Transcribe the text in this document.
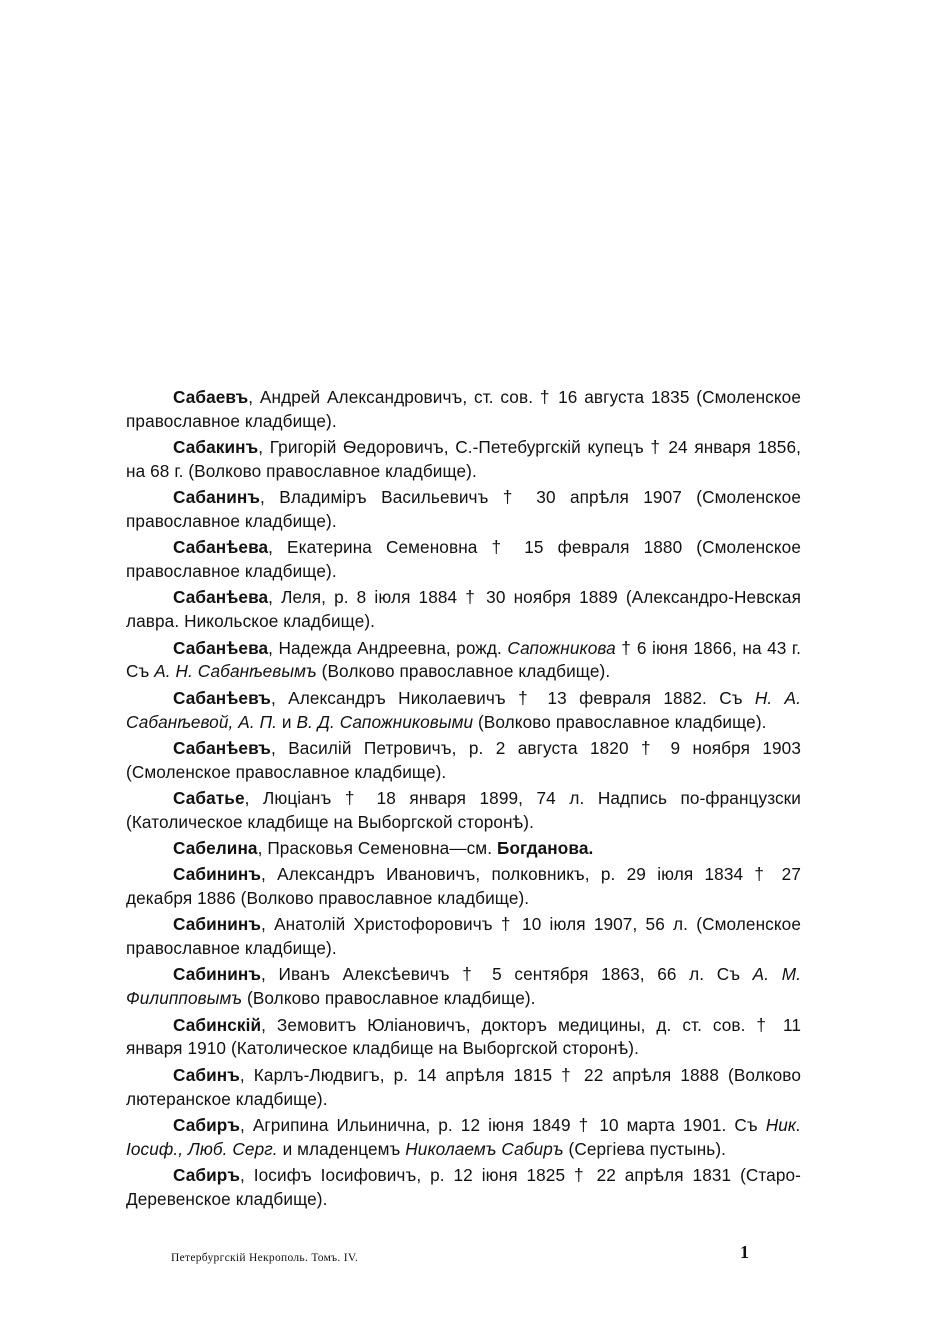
Сабаевъ, Андрей Александровичъ, ст. сов. † 16 августа 1835 (Смоленское православное кладбище).

Сабакинъ, Григорій Ѳедоровичъ, С.-Петебургскій купецъ † 24 января 1856, на 68 г. (Волково православное кладбище).

Сабанинъ, Владиміръ Васильевичъ † 30 апрѣля 1907 (Смоленское православное кладбище).

Сабанѣева, Екатерина Семеновна † 15 февраля 1880 (Смоленское православное кладбище).

Сабанѣева, Леля, р. 8 іюля 1884 † 30 ноября 1889 (Александро-Невская лавра. Никольское кладбище).

Сабанѣева, Надежда Андреевна, рожд. Сапожникова † 6 іюня 1866, на 43 г. Съ А. Н. Сабанѣевымъ (Волково православное кладбище).

Сабанѣевъ, Александръ Николаевичъ † 13 февраля 1882. Съ Н. А. Сабанѣевой, А. П. и В. Д. Сапожниковыми (Волково православное кладбище).

Сабанѣевъ, Василій Петровичъ, р. 2 августа 1820 † 9 ноября 1903 (Смоленское православное кладбище).

Сабатье, Люціанъ † 18 января 1899, 74 л. Надпись по-французски (Католическое кладбище на Выборгской сторонѣ).

Сабелина, Прасковья Семеновна—см. Богданова.

Сабининъ, Александръ Ивановичъ, полковникъ, р. 29 іюля 1834 † 27 декабря 1886 (Волково православное кладбище).

Сабининъ, Анатолій Христофоровичъ † 10 іюля 1907, 56 л. (Смоленское православное кладбище).

Сабининъ, Иванъ Алексѣевичъ † 5 сентября 1863, 66 л. Съ А. М. Филипповымъ (Волково православное кладбище).

Сабинскій, Земовитъ Юліановичъ, докторъ медицины, д. ст. сов. † 11 января 1910 (Католическое кладбище на Выборгской сторонѣ).

Сабинъ, Карлъ-Людвигъ, р. 14 апрѣля 1815 † 22 апрѣля 1888 (Волково лютеранское кладбище).

Сабиръ, Агрипина Ильинична, р. 12 іюня 1849 † 10 марта 1901. Съ Ник. Іосиф., Люб. Серг. и младенцемъ Николаемъ Сабиръ (Сергіева пустынь).

Сабиръ, Іосифъ Іосифовичъ, р. 12 іюня 1825 † 22 апрѣля 1831 (Старо-Деревенское кладбище).

Петербургскій Некрополь. Томъ. IV.	1
